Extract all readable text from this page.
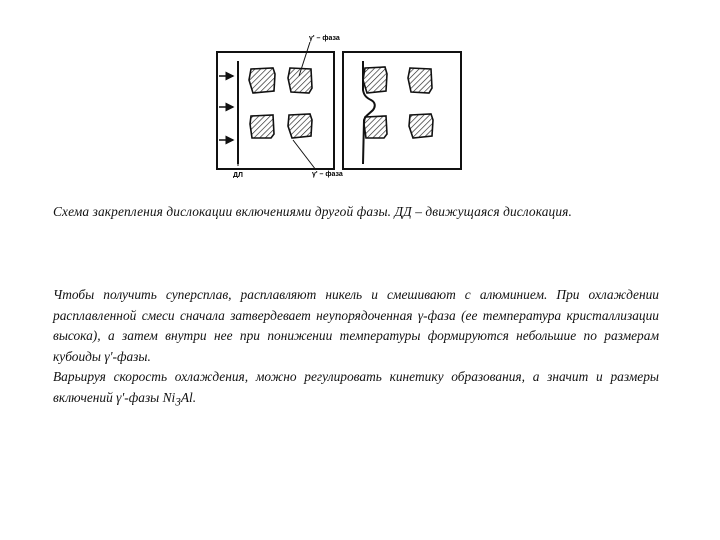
γ' – фаза
γ' – фаза
ДЛ
Схема закрепления дислокации включениями другой фазы. ДД – движущаяся дислокация.

Чтобы получить суперсплав, расплавляют никель и смешивают с алюминием. При охлаждении расплавленной смеси сначала затвердевает неупорядоченная γ-фаза (ее температура кристаллизации высока), а затем внутри нее при понижении температуры формируются небольшие по размерам кубоиды γ'-фазы.

Варьируя скорость охлаждения, можно регулировать кинетику образования, а значит и размеры включений γ'-фазы $Ni_3Al$.
